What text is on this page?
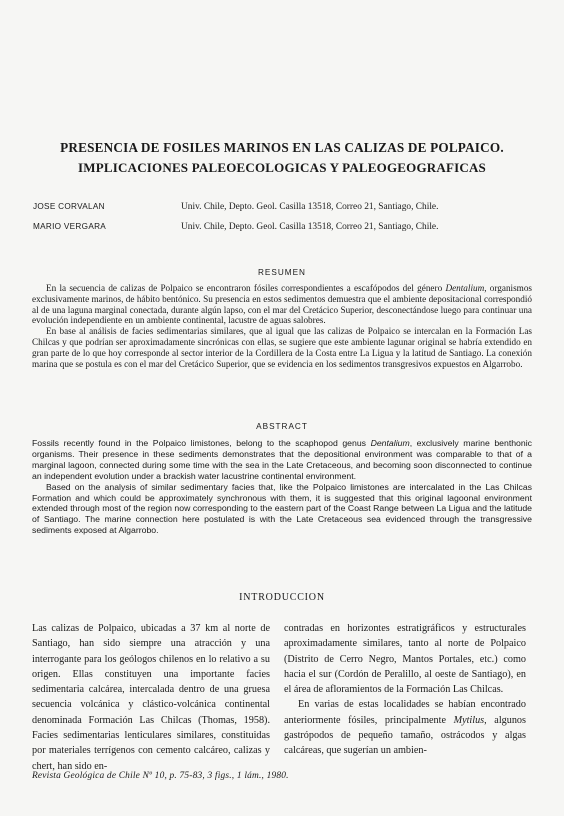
PRESENCIA DE FOSILES MARINOS EN LAS CALIZAS DE POLPAICO.
IMPLICACIONES PALEOECOLOGICAS Y PALEOGEOGRAFICAS
JOSE CORVALAN	Univ. Chile, Depto. Geol. Casilla 13518, Correo 21, Santiago, Chile.
MARIO VERGARA	Univ. Chile, Depto. Geol. Casilla 13518, Correo 21, Santiago, Chile.
RESUMEN

En la secuencia de calizas de Polpaico se encontraron fósiles correspondientes a escafópodos del género Dentalium, organismos exclusivamente marinos, de hábito bentónico. Su presencia en estos sedimentos demuestra que el ambiente depositacional correspondió al de una laguna marginal conectada, durante algún lapso, con el mar del Cretácico Superior, desconectándose luego para continuar una evolución independiente en un ambiente continental, lacustre de aguas salobres.

En base al análisis de facies sedimentarias similares, que al igual que las calizas de Polpaico se intercalan en la Formación Las Chilcas y que podrían ser aproximadamente sincrónicas con ellas, se sugiere que este ambiente lagunar original se habría extendido en gran parte de lo que hoy corresponde al sector interior de la Cordillera de la Costa entre La Ligua y la latitud de Santiago. La conexión marina que se postula es con el mar del Cretácico Superior, que se evidencia en los sedimentos transgresivos expuestos en Algarrobo.

ABSTRACT

Fossils recently found in the Polpaico limistones, belong to the scaphopod genus Dentalium, exclusively marine benthonic organisms. Their presence in these sediments demonstrates that the depositional environment was comparable to that of a marginal lagoon, connected during some time with the sea in the Late Cretaceous, and becoming soon disconnected to continue an independent evolution under a brackish water lacustrine continental environment.

Based on the analysis of similar sedimentary facies that, like the Polpaico limistones are intercalated in the Las Chilcas Formation and which could be approximately synchronous with them, it is suggested that this original lagoonal environment extended through most of the region now corresponding to the eastern part of the Coast Range between La Ligua and the latitude of Santiago. The marine connection here postulated is with the Late Cretaceous sea evidenced through the transgressive sediments exposed at Algarrobo.

INTRODUCCION

Las calizas de Polpaico, ubicadas a 37 km al norte de Santiago, han sido siempre una atracción y una interrogante para los geólogos chilenos en lo relativo a su origen. Ellas constituyen una importante facies sedimentaria calcárea, intercalada dentro de una gruesa secuencia volcánica y clástico-volcánica continental denominada Formación Las Chilcas (Thomas, 1958). Facies sedimentarias lenticulares similares, constituidas por materiales terrígenos con cemento calcáreo, calizas y chert, han sido en-

contradas en horizontes estratigráficos y estructurales aproximadamente similares, tanto al norte de Polpaico (Distrito de Cerro Negro, Mantos Portales, etc.) como hacia el sur (Cordón de Peralillo, al oeste de Santiago), en el área de afloramientos de la Formación Las Chilcas.

En varias de estas localidades se habían encontrado anteriormente fósiles, principalmente Mytilus, algunos gastrópodos de pequeño tamaño, ostrácodos y algas calcáreas, que sugerían un ambien-

Revista Geológica de Chile Nº 10, p. 75-83, 3 figs., 1 lám., 1980.
